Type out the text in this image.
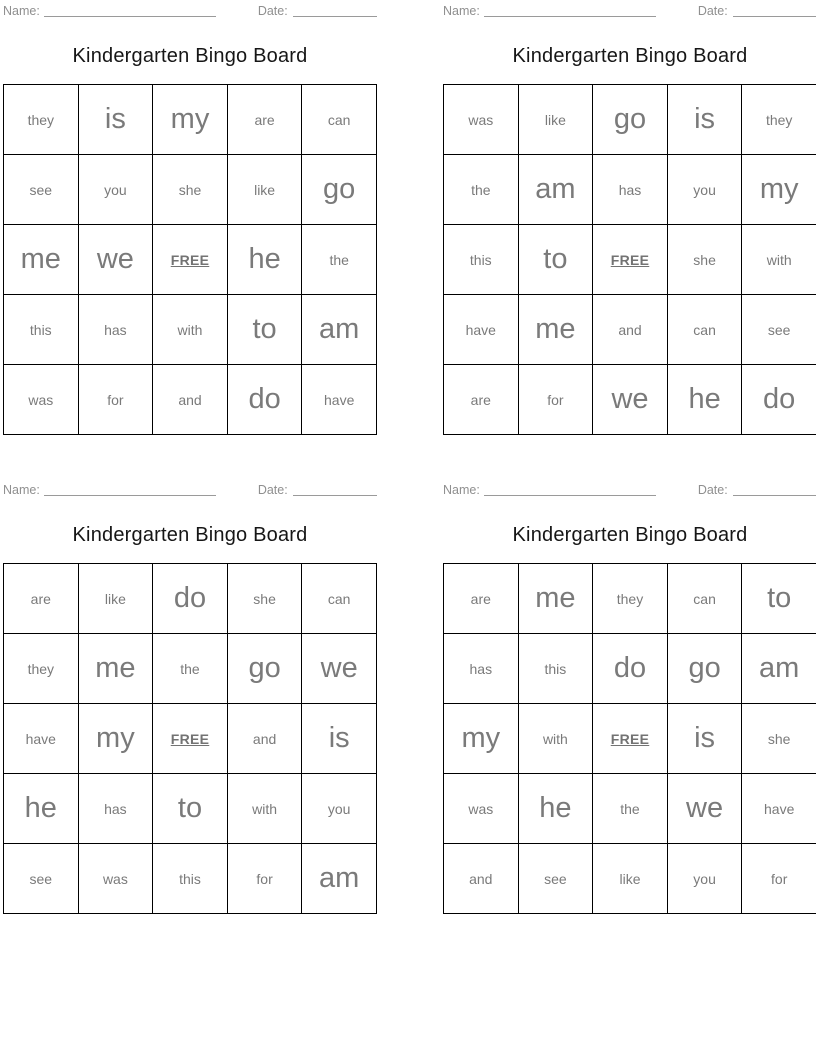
Name:	Date:
Kindergarten Bingo Board
they	is	my	are	can
see	you	she	like	go
me	we	FREE	he	the
this	has	with	to	am
was	for	and	do	have
Name:	Date:
Kindergarten Bingo Board
was	like	go	is	they
the	am	has	you	my
this	to	FREE	she	with
have	me	and	can	see
are	for	we	he	do
Name:	Date:
Kindergarten Bingo Board
are	like	do	she	can
they	me	the	go	we
have	my	FREE	and	is
he	has	to	with	you
see	was	this	for	am
Name:	Date:
Kindergarten Bingo Board
are	me	they	can	to
has	this	do	go	am
my	with	FREE	is	she
was	he	the	we	have
and	see	like	you	for
